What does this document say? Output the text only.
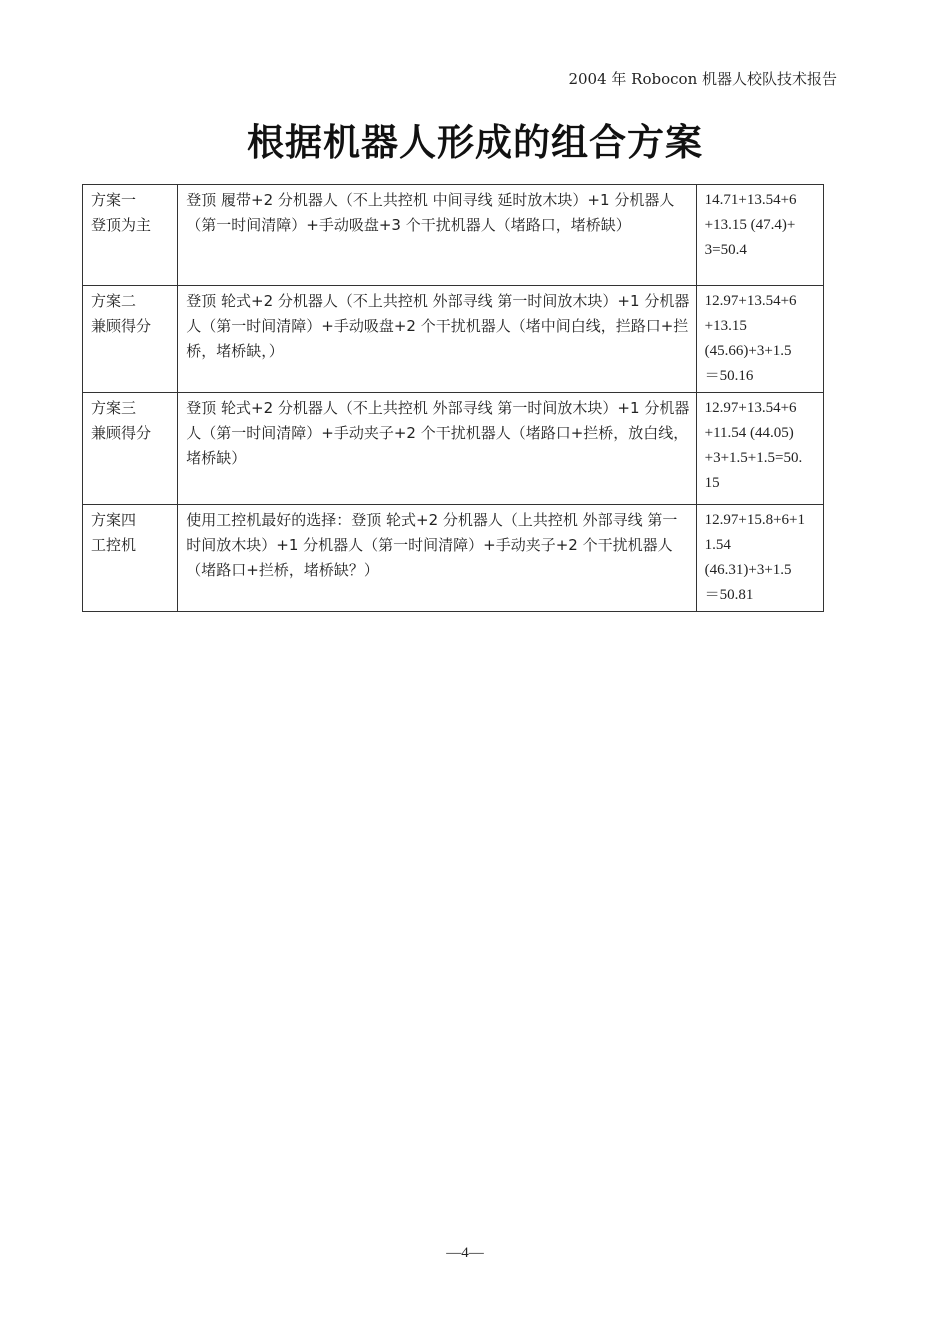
2004 年 Robocon 机器人校队技术报告
根据机器人形成的组合方案
方案一
登顶为主	登顶 履带+2 分机器人（不上共控机 中间寻线 延时放木块）+1 分机器人（第一时间清障）+手动吸盘+3 个干扰机器人（堵路口，堵桥缺）	14.71+13.54+6
+13.15 (47.4)+
3=50.4

方案二
兼顾得分	登顶 轮式+2 分机器人（不上共控机 外部寻线 第一时间放木块）+1 分机器人（第一时间清障）+手动吸盘+2 个干扰机器人（堵中间白线，拦路口+拦桥，堵桥缺，）	12.97+13.54+6
+13.15
(45.66)+3+1.5
＝50.16

方案三
兼顾得分	登顶 轮式+2 分机器人（不上共控机 外部寻线 第一时间放木块）+1 分机器人（第一时间清障）+手动夹子+2 个干扰机器人（堵路口+拦桥，放白线，堵桥缺）	12.97+13.54+6
+11.54 (44.05)
+3+1.5+1.5=50.
15

方案四
工控机	使用工控机最好的选择：登顶 轮式+2 分机器人（上共控机 外部寻线 第一时间放木块）+1 分机器人（第一时间清障）+手动夹子+2 个干扰机器人（堵路口+拦桥，堵桥缺？）	12.97+15.8+6+1
1.54
(46.31)+3+1.5
＝50.81
—4—
